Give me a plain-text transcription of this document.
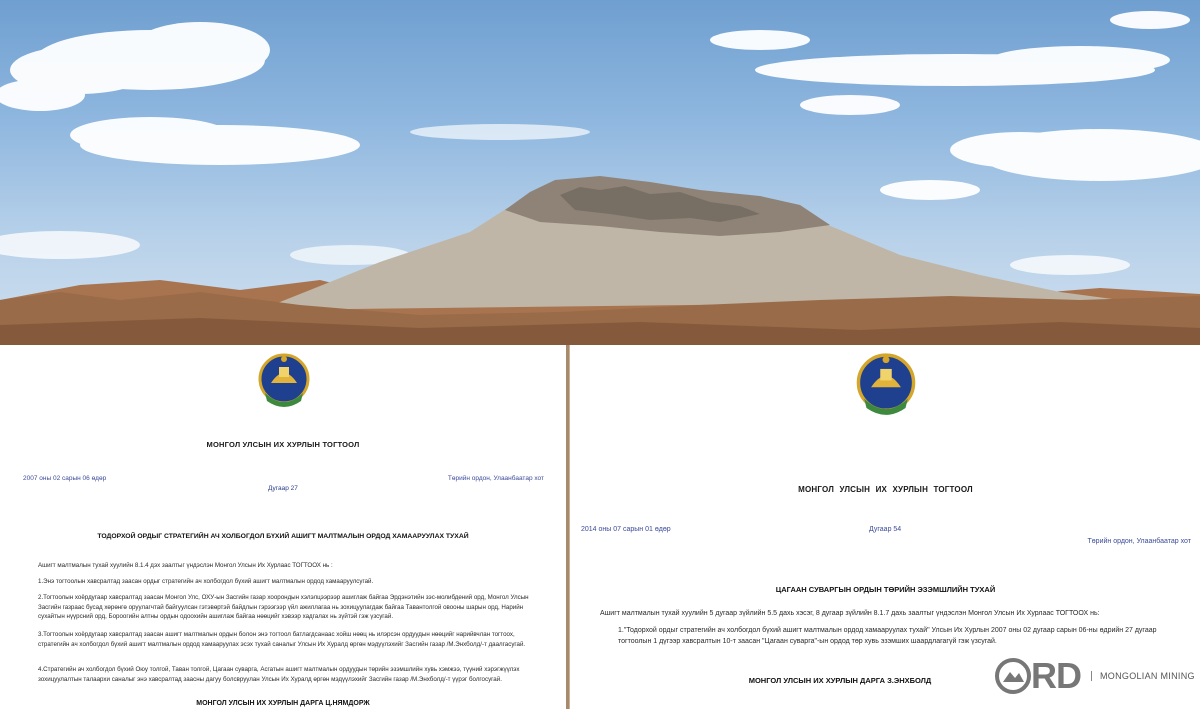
МОНГОЛ УЛСЫН ИХ ХУРЛЫН ТОГТООЛ
2007 оны 02 сарын 06 өдөр	Төрийн ордон, Улаанбаатар хот
Дугаар 27
ТОДОРХОЙ ОРДЫГ СТРАТЕГИЙН АЧ ХОЛБОГДОЛ БҮХИЙ АШИГТ МАЛТМАЛЫН ОРДОД ХАМААРУУЛАХ ТУХАЙ
Ашигт малтмалын тухай хуулийн 8.1.4 дэх заалтыг үндэслэн Монгол Улсын Их Хурлаас ТОГТООХ нь :
1.Энэ тогтоолын хавсралтад заасан ордыг стратегийн ач холбогдол бүхий ашигт малтмалын ордод хамааруулсугай.
2.Тогтоолын хоёрдугаар хавсралтад заасан Монгол Улс, ОХУ-ын Засгийн газар хоорондын хэлэлцээрээр ашиглаж байгаа Эрдэнэтийн зэс-молибдений орд, Монгол Улсын Засгийн газраас бусад хөрөнгө оруулагчтай байгуулсан гэтэвөртэй байдлын гэрээгээр үйл ажиллагаа нь зохицуулагдаж байгаа Тавантолгой овооны шарын орд, Нарийн сухайтын нүүрсний орд, Бороогийн алтны ордын одоохийн ашиглаж байгаа нөөцийг хэвээр хадгалах нь зүйтэй гэж үзсугай.
3.Тогтоолын хоёрдугаар хавсралтад заасан ашигт малтмалын ордын болон энэ тогтоол батлагдсанаас хойш нөөц нь илэрсэн ордуудын нөөцийг нарийвчлан тогтоох, стратегийн ач холбогдол бүхий ашигт малтмалын ордод хамааруулах эсэх тухай саналыг Улсын Их Хуралд өргөн мэдүүлэхийг Засгийн газар /М.Энхболд/-т даалгасугай.
4.Стратегийн ач холбогдол бүхий Оюу толгой, Таван толгой, Цагаан суварга, Асгатын ашигт малтмалын ордуудын төрийн эзэмшлийн хувь хэмжээ, түүний хэрэгжүүлэх зохицуулалтын талаархи саналыг энэ хавсралтад заасны дагуу болсвруулан Улсын Их Хуралд өргөн мэдүүлэхийг Засгийн газар /М.Энхболд/-т үүрэг болгосугай.
МОНГОЛ УЛСЫН ИХ ХУРЛЫН ДАРГА Ц.НЯМДОРЖ
МОНГОЛ УЛСЫН ИХ ХУРЛЫН ТОГТООЛ
2014 оны 07 сарын 01 өдөр	Дугаар 54
Төрийн ордон, Улаанбаатар хот
ЦАГААН СУВАРГЫН ОРДЫН ТӨРИЙН ЭЗЭМШЛИЙН ТУХАЙ
Ашигт малтмалын тухай хуулийн 5 дугаар зүйлийн 5.5 дахь хэсэг, 8 дугаар зүйлийн 8.1.7 дахь заалтыг үндэслэн Монгол Улсын Их Хурлаас ТОГТООХ нь:
1."Тодорхой ордыг стратегийн ач холбогдол бүхий ашигт малтмалын ордод хамааруулах тухай" Улсын Их Хурлын 2007 оны 02 дугаар сарын 06-ны өдрийн 27 дугаар тогтоолын 1 дүгээр хавсралтын 10-т заасан "Цагаан суварга"-ын ордод төр хувь эзэмших шаардлагагүй гэж үзсугай.
МОНГОЛ УЛСЫН ИХ ХУРЛЫН ДАРГА З.ЭНХБОЛД	RD	MONGOLIAN MINING
